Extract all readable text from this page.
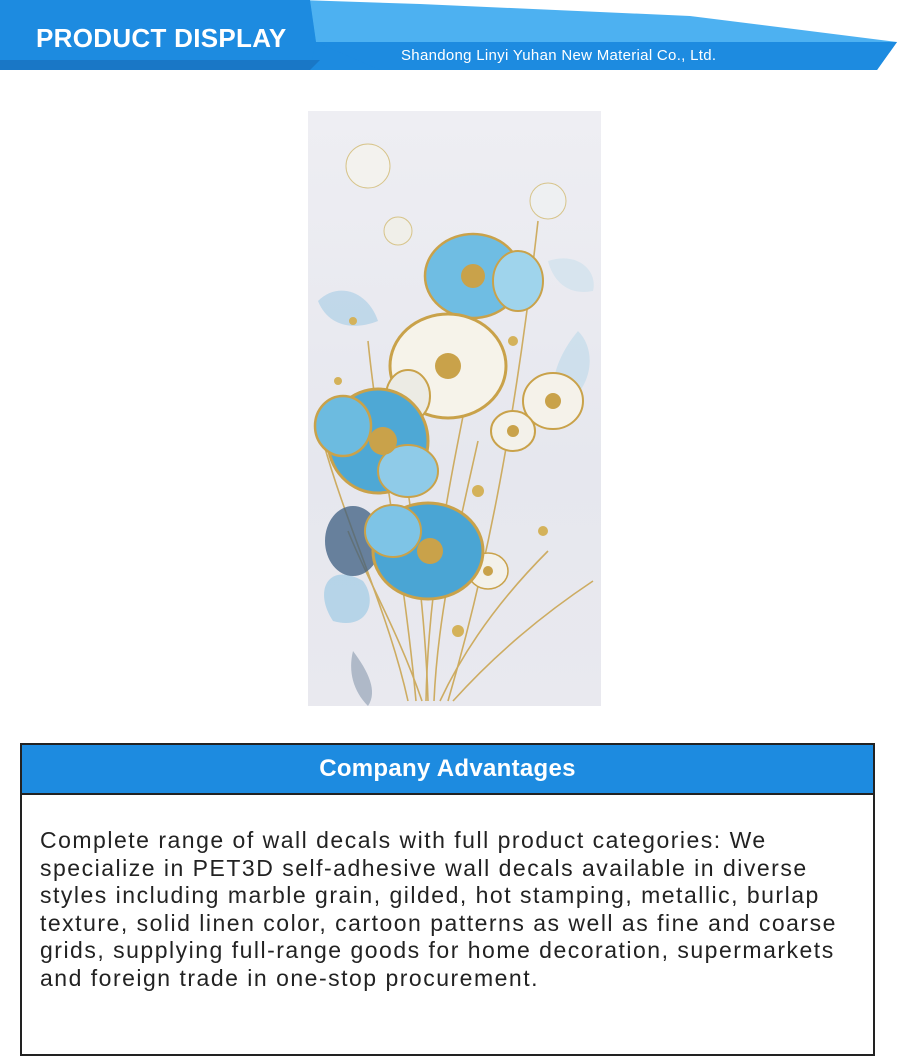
PRODUCT DISPLAY
Shandong Linyi Yuhan New Material Co., Ltd.
Company Advantages
Complete range of wall decals with full product categories: We specialize in PET3D self-adhesive wall decals available in diverse styles including marble grain, gilded, hot stamping, metallic, burlap texture, solid linen color, cartoon patterns as well as fine and coarse grids, supplying full-range goods for home decoration, supermarkets and foreign trade in one-stop procurement.
